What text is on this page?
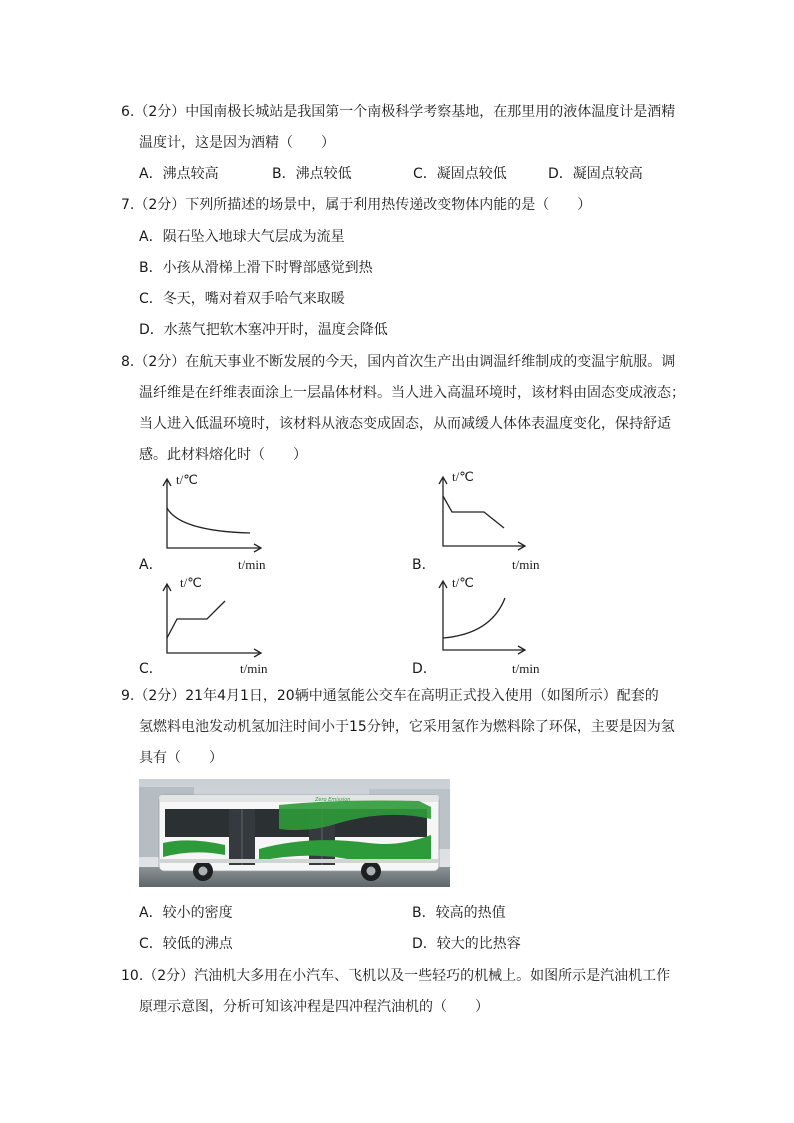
6.（2分）中国南极长城站是我国第一个南极科学考察基地，在那里用的液体温度计是酒精
温度计，这是因为酒精（　　）
A．沸点较高	B．沸点较低	C．凝固点较低	D．凝固点较高
7.（2分）下列所描述的场景中，属于利用热传递改变物体内能的是（　　）
A．陨石坠入地球大气层成为流星
B．小孩从滑梯上滑下时臀部感觉到热
C．冬天，嘴对着双手哈气来取暖
D．水蒸气把软木塞冲开时，温度会降低
8.（2分）在航天事业不断发展的今天，国内首次生产出由调温纤维制成的变温宇航服。调
温纤维是在纤维表面涂上一层晶体材料。当人进入高温环境时，该材料由固态变成液态；
当人进入低温环境时，该材料从液态变成固态，从而减缓人体体表温度变化，保持舒适
感。此材料熔化时（　　）
A．
t/℃
t/min	B．
t/℃
t/min
C．
t/℃
t/min	D．
t/℃
t/min
9.（2分）21年4月1日，20辆中通氢能公交车在高明正式投入使用（如图所示）配套的
氢燃料电池发动机氢加注时间小于15分钟，它采用氢作为燃料除了环保，主要是因为氢
具有（　　）
Zero Emission
A．较小的密度	B．较高的热值
C．较低的沸点	D．较大的比热容
10.（2分）汽油机大多用在小汽车、飞机以及一些轻巧的机械上。如图所示是汽油机工作
原理示意图，分析可知该冲程是四冲程汽油机的（　　）
